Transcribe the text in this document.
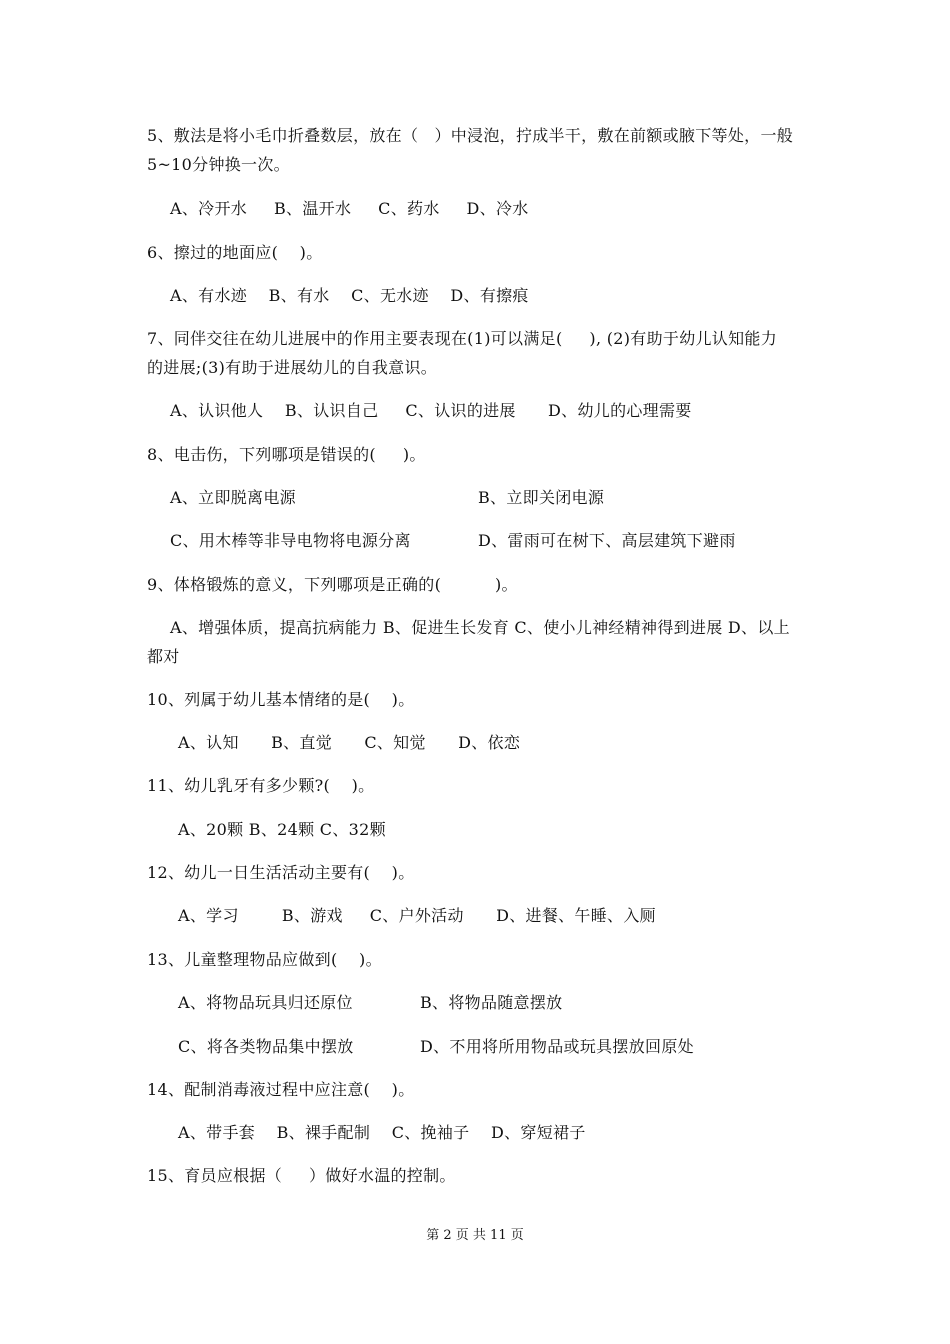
5、敷法是将小毛巾折叠数层，放在（   ）中浸泡，拧成半干，敷在前额或腋下等处，一般
5~10分钟换一次。
A、冷开水     B、温开水     C、药水     D、冷水
6、擦过的地面应(    )。
A、有水迹    B、有水    C、无水迹    D、有擦痕
7、同伴交往在幼儿进展中的作用主要表现在(1)可以满足(     ), (2)有助于幼儿认知能力
的进展;(3)有助于进展幼儿的自我意识。
A、认识他人    B、认识自己     C、认识的进展      D、幼儿的心理需要
8、电击伤，下列哪项是错误的(     )。
A、立即脱离电源	B、立即关闭电源
C、用木棒等非导电物将电源分离	D、雷雨可在树下、高层建筑下避雨
9、体格锻炼的意义，下列哪项是正确的(          )。
A、增强体质，提高抗病能力 B、促进生长发育 C、使小儿神经精神得到进展 D、以上
都对
10、列属于幼儿基本情绪的是(    )。
A、认知      B、直觉      C、知觉      D、依恋
11、幼儿乳牙有多少颗?(    )。
A、20颗 B、24颗 C、32颗
12、幼儿一日生活活动主要有(    )。
A、学习        B、游戏     C、户外活动      D、进餐、午睡、入厕
13、儿童整理物品应做到(    )。
A、将物品玩具归还原位	B、将物品随意摆放
C、将各类物品集中摆放	D、不用将所用物品或玩具摆放回原处
14、配制消毒液过程中应注意(    )。
A、带手套    B、裸手配制    C、挽袖子    D、穿短裙子
15、育员应根据（     ）做好水温的控制。
第 2 页 共 11 页
